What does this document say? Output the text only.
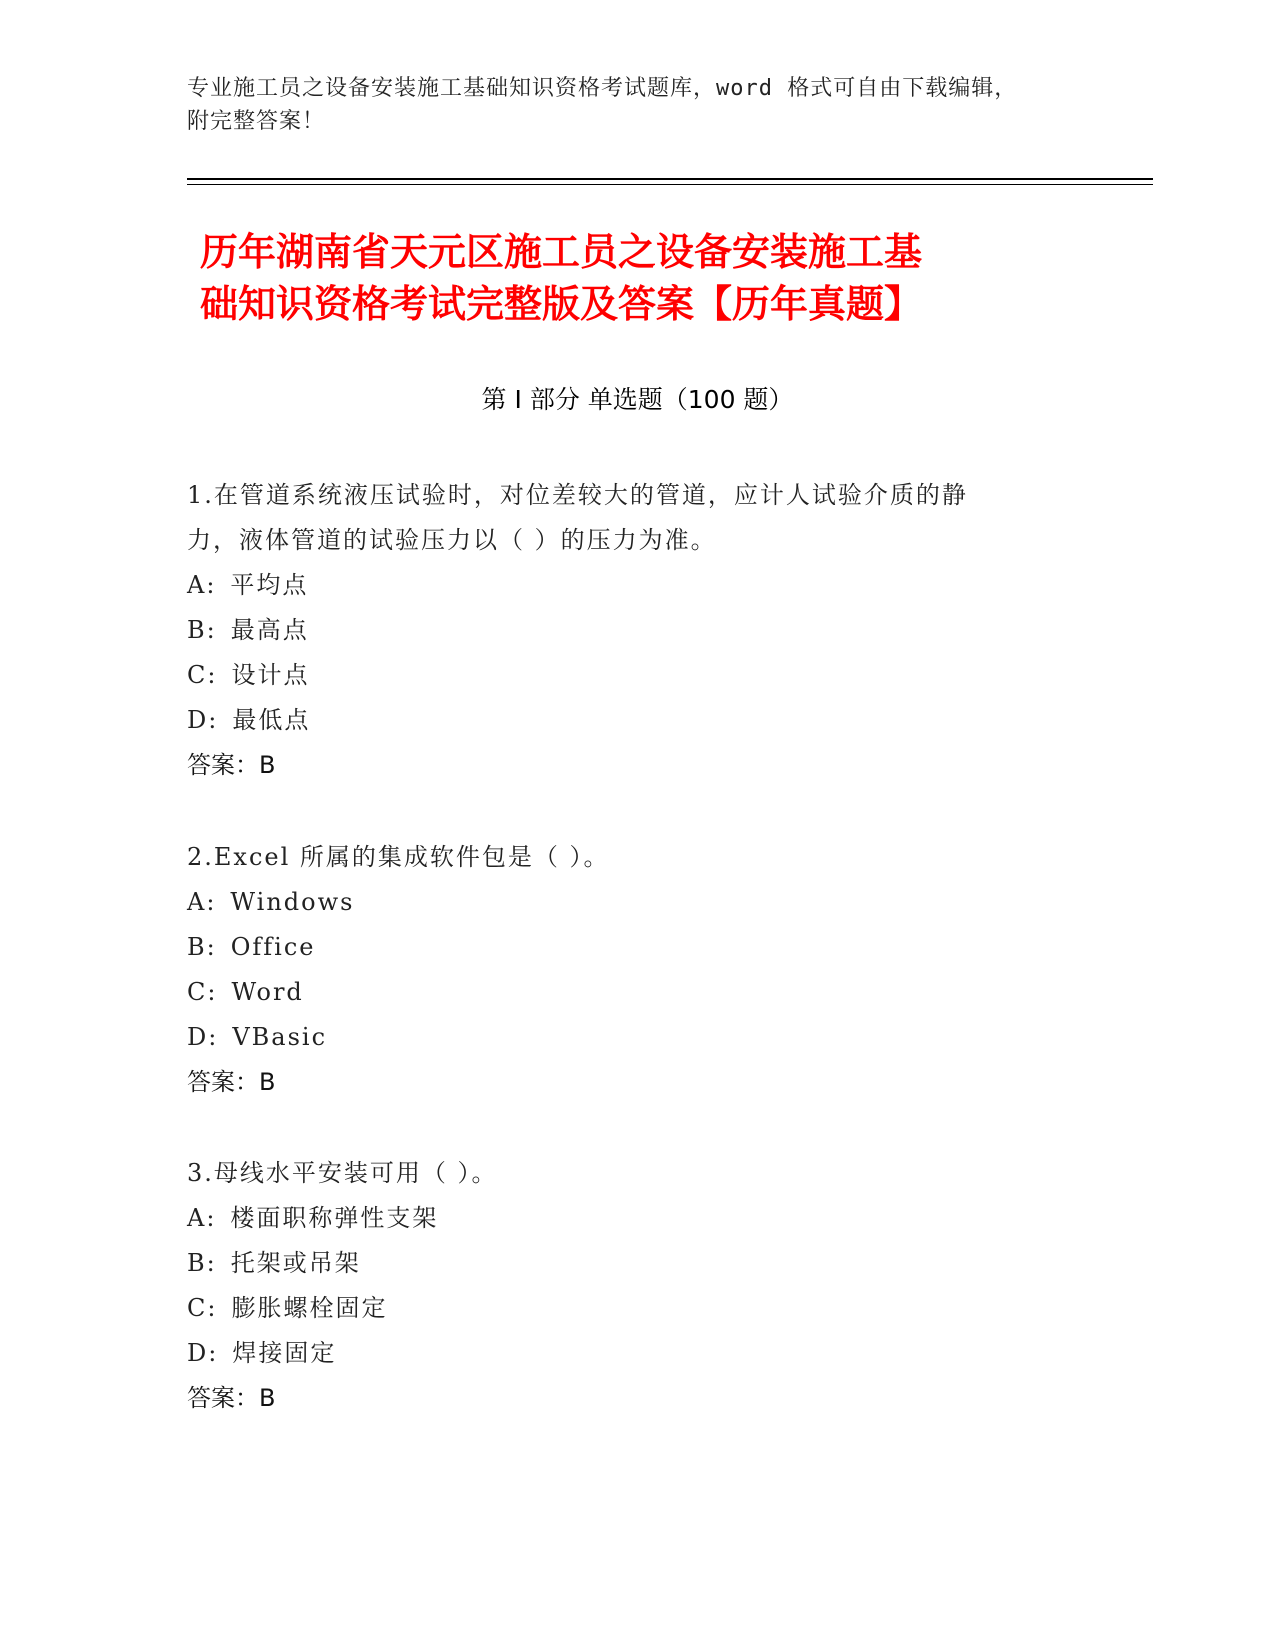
专业施工员之设备安装施工基础知识资格考试题库，word 格式可自由下载编辑，

附完整答案！

历年湖南省天元区施工员之设备安装施工基

础知识资格考试完整版及答案【历年真题】

第 I 部分 单选题（100 题）

1.在管道系统液压试验时，对位差较大的管道，应计人试验介质的静

力，液体管道的试验压力以（ ）的压力为准。

A: 平均点

B: 最高点

C: 设计点

D: 最低点

答案：B

2.Excel 所属的集成软件包是（ ）。

A: Windows

B: Office

C: Word

D: VBasic

答案：B

3.母线水平安装可用（ ）。

A: 楼面职称弹性支架

B: 托架或吊架

C: 膨胀螺栓固定

D: 焊接固定

答案：B
